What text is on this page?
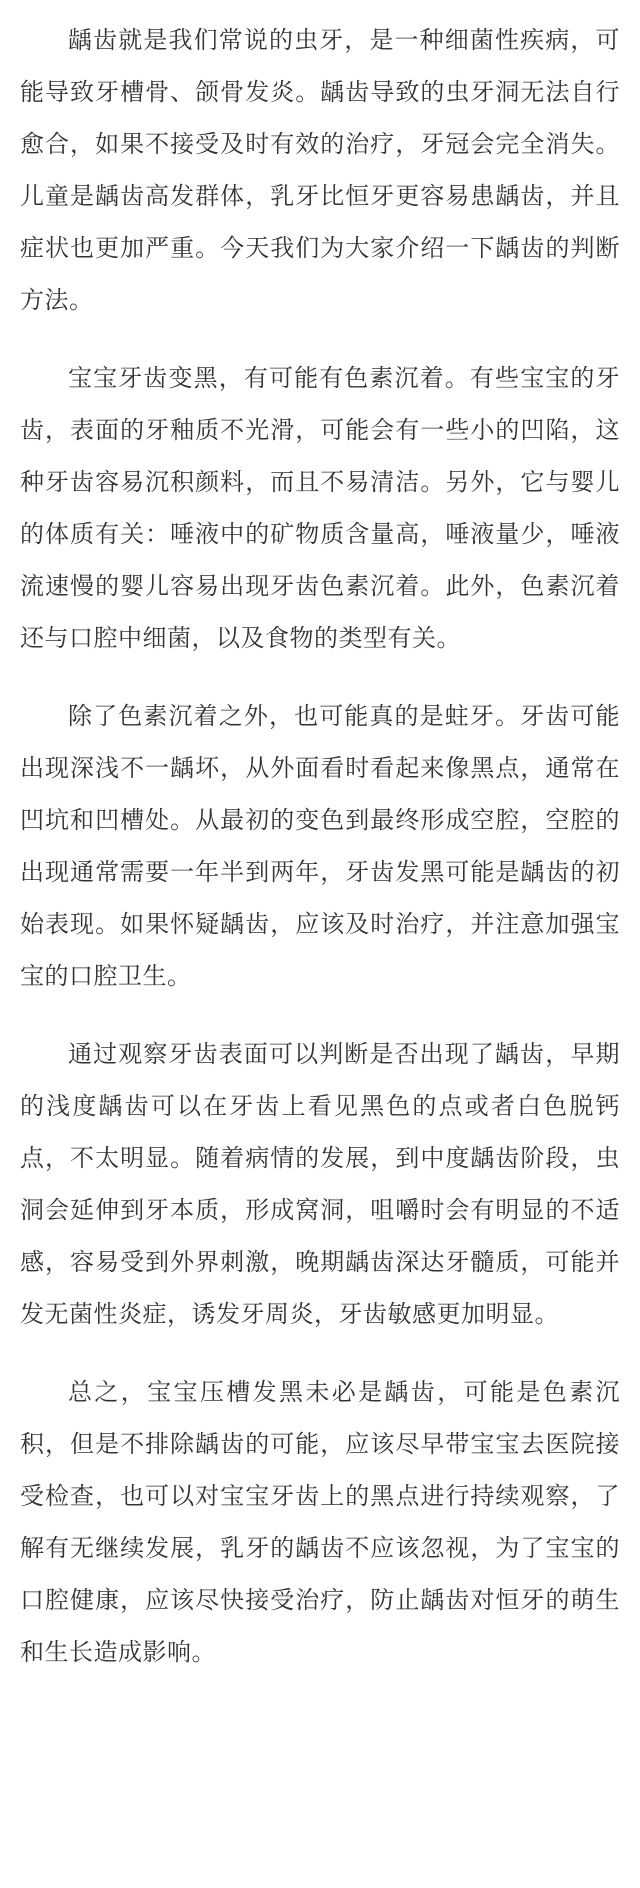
龋齿就是我们常说的虫牙，是一种细菌性疾病，可能导致牙槽骨、颌骨发炎。龋齿导致的虫牙洞无法自行愈合，如果不接受及时有效的治疗，牙冠会完全消失。儿童是龋齿高发群体，乳牙比恒牙更容易患龋齿，并且症状也更加严重。今天我们为大家介绍一下龋齿的判断方法。

宝宝牙齿变黑，有可能有色素沉着。有些宝宝的牙齿，表面的牙釉质不光滑，可能会有一些小的凹陷，这种牙齿容易沉积颜料，而且不易清洁。另外，它与婴儿的体质有关：唾液中的矿物质含量高，唾液量少，唾液流速慢的婴儿容易出现牙齿色素沉着。此外，色素沉着还与口腔中细菌，以及食物的类型有关。

除了色素沉着之外，也可能真的是蛀牙。牙齿可能出现深浅不一龋坏，从外面看时看起来像黑点，通常在凹坑和凹槽处。从最初的变色到最终形成空腔，空腔的出现通常需要一年半到两年，牙齿发黑可能是龋齿的初始表现。如果怀疑龋齿，应该及时治疗，并注意加强宝宝的口腔卫生。

通过观察牙齿表面可以判断是否出现了龋齿，早期的浅度龋齿可以在牙齿上看见黑色的点或者白色脱钙点，不太明显。随着病情的发展，到中度龋齿阶段，虫洞会延伸到牙本质，形成窝洞，咀嚼时会有明显的不适感，容易受到外界刺激，晚期龋齿深达牙髓质，可能并发无菌性炎症，诱发牙周炎，牙齿敏感更加明显。

总之，宝宝压槽发黑未必是龋齿，可能是色素沉积，但是不排除龋齿的可能，应该尽早带宝宝去医院接受检查，也可以对宝宝牙齿上的黑点进行持续观察，了解有无继续发展，乳牙的龋齿不应该忽视，为了宝宝的口腔健康，应该尽快接受治疗，防止龋齿对恒牙的萌生和生长造成影响。
